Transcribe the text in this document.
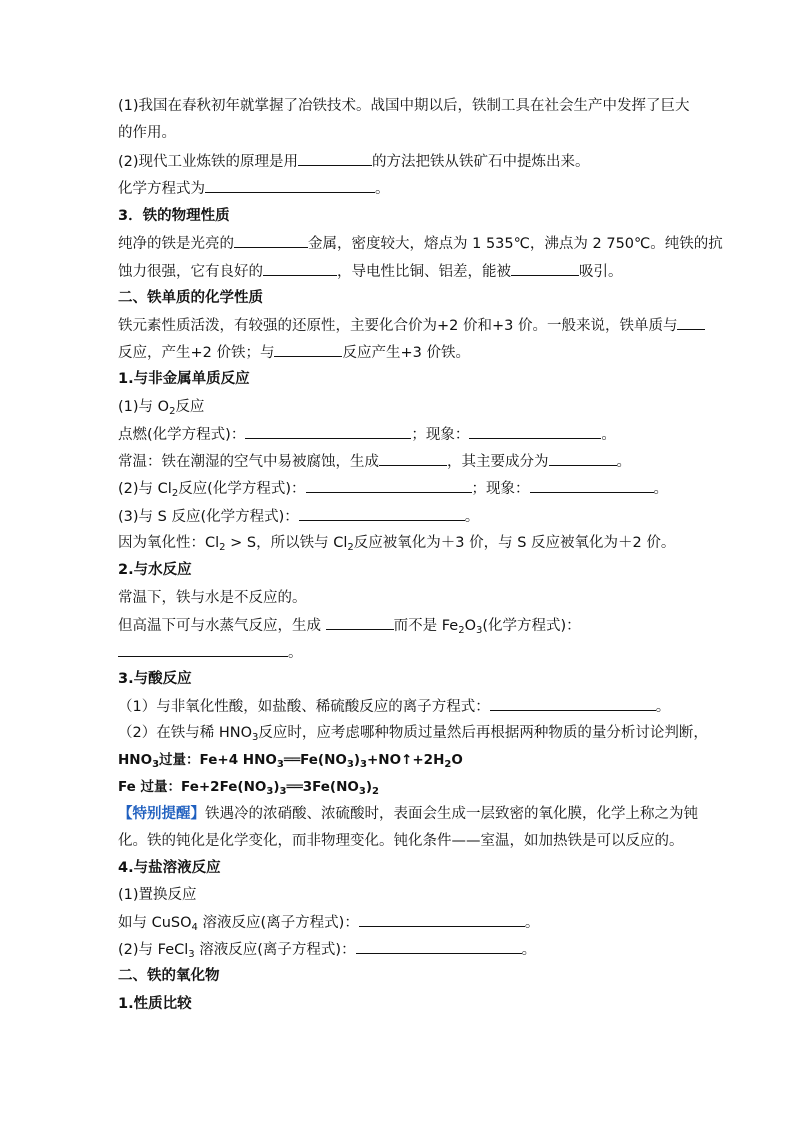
(1)我国在春秋初年就掌握了冶铁技术。战国中期以后，铁制工具在社会生产中发挥了巨大
的作用。
(2)现代工业炼铁的原理是用	的方法把铁从铁矿石中提炼出来。
化学方程式为	。
3．铁的物理性质
纯净的铁是光亮的	金属，密度较大，熔点为 1 535℃，沸点为 2 750℃。纯铁的抗
蚀力很强，它有良好的	，导电性比铜、铝差，能被	吸引。
二、铁单质的化学性质
铁元素性质活泼，有较强的还原性，主要化合价为+2 价和+3 价。一般来说，铁单质与
反应，产生+2 价铁；与	反应产生+3 价铁。
1.与非金属单质反应
(1)与 $O_2$反应
点燃(化学方程式)：	；现象：	。
常温：铁在潮湿的空气中易被腐蚀，生成	，其主要成分为	。
(2)与 $Cl_2$反应(化学方程式)：	；现象：	。
(3)与 S 反应(化学方程式)：	。
因为氧化性：$Cl_2 > S$，所以铁与 $Cl_2$反应被氧化为＋3 价，与 S 反应被氧化为＋2 价。
2.与水反应
常温下，铁与水是不反应的。
但高温下可与水蒸气反应，生成	而不是 $Fe_2O_3$(化学方程式)：
。
3.与酸反应
（1）与非氧化性酸，如盐酸、稀硫酸反应的离子方程式：	。
（2）在铁与稀 $HNO_3$反应时，应考虑哪种物质过量然后再根据两种物质的量分析讨论判断，
$HNO_3$过量：Fe+4 $HNO_3══Fe(NO_3)_3+NO↑+2H_2O$
Fe 过量：$Fe+2Fe(NO_3)_3══3Fe(NO_3)_2$
【特别提醒】铁遇冷的浓硝酸、浓硫酸时，表面会生成一层致密的氧化膜，化学上称之为钝
化。铁的钝化是化学变化，而非物理变化。钝化条件——室温，如加热铁是可以反应的。
4.与盐溶液反应
(1)置换反应
如与 CuSO$_4$ 溶液反应(离子方程式)：	。
(2)与 FeCl$_3$ 溶液反应(离子方程式)：	。
二、铁的氧化物
1.性质比较
